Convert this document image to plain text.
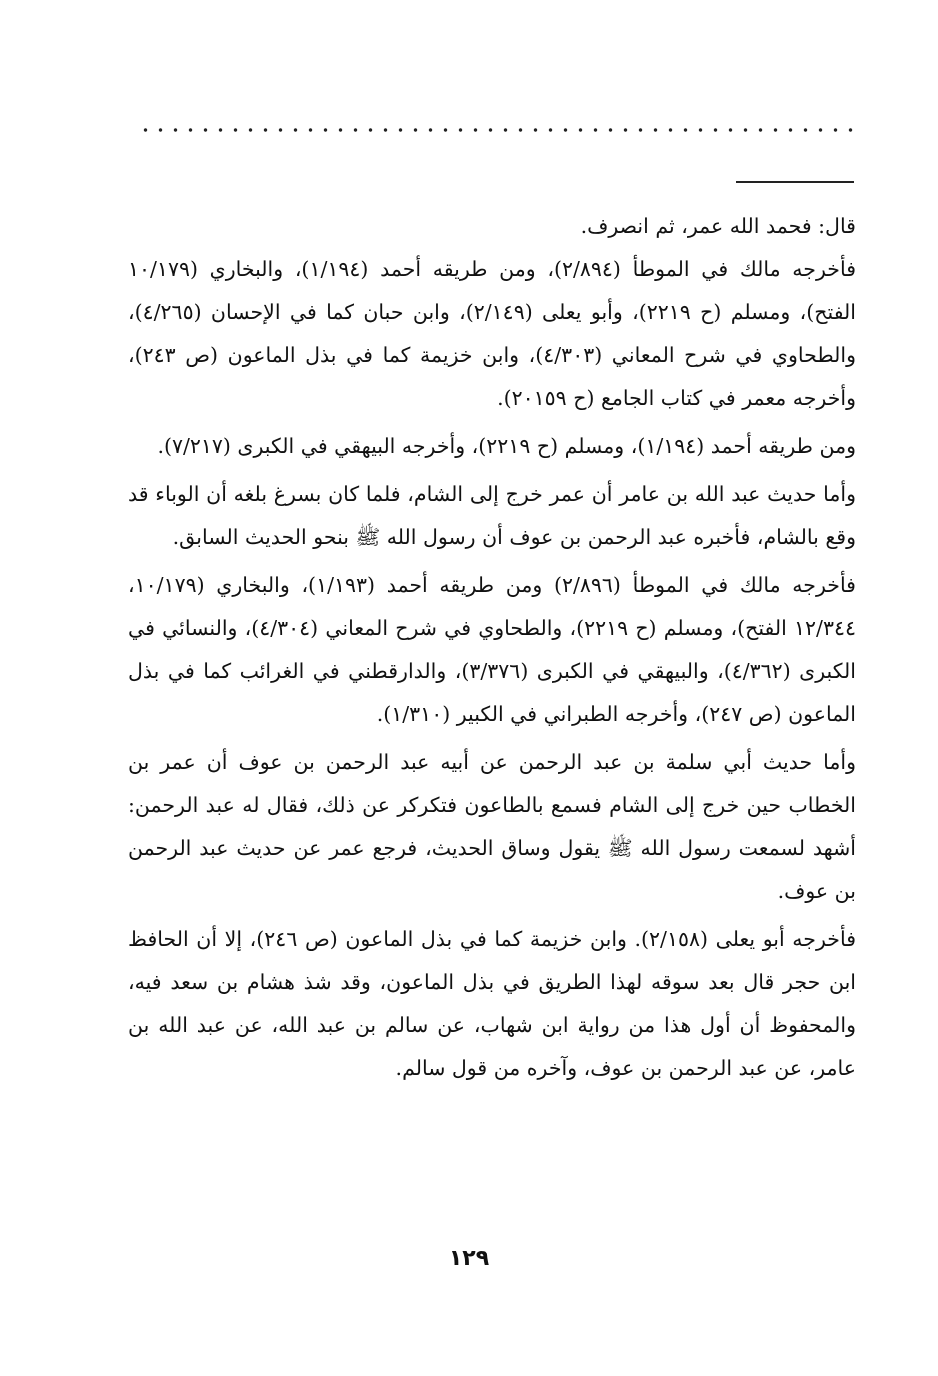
قال: فحمد الله عمر، ثم انصرف.

فأخرجه مالك في الموطأ (٢/٨٩٤)، ومن طريقه أحمد (١/١٩٤)، والبخاري (١٠/١٧٩ الفتح)، ومسلم (ح ٢٢١٩)، وأبو يعلى (٢/١٤٩)، وابن حبان كما في الإحسان (٤/٢٦٥)، والطحاوي في شرح المعاني (٤/٣٠٣)، وابن خزيمة كما في بذل الماعون (ص ٢٤٣)، وأخرجه معمر في كتاب الجامع (ح ٢٠١٥٩).

ومن طريقه أحمد (١/١٩٤)، ومسلم (ح ٢٢١٩)، وأخرجه البيهقي في الكبرى (٧/٢١٧).

وأما حديث عبد الله بن عامر أن عمر خرج إلى الشام، فلما كان بسرغ بلغه أن الوباء قد وقع بالشام، فأخبره عبد الرحمن بن عوف أن رسول الله ﷺ بنحو الحديث السابق.

فأخرجه مالك في الموطأ (٢/٨٩٦) ومن طريقه أحمد (١/١٩٣)، والبخاري (١٠/١٧٩، ١٢/٣٤٤ الفتح)، ومسلم (ح ٢٢١٩)، والطحاوي في شرح المعاني (٤/٣٠٤)، والنسائي في الكبرى (٤/٣٦٢)، والبيهقي في الكبرى (٣/٣٧٦)، والدارقطني في الغرائب كما في بذل الماعون (ص ٢٤٧)، وأخرجه الطبراني في الكبير (١/٣١٠).

وأما حديث أبي سلمة بن عبد الرحمن عن أبيه عبد الرحمن بن عوف أن عمر بن الخطاب حين خرج إلى الشام فسمع بالطاعون فتكركر عن ذلك، فقال له عبد الرحمن: أشهد لسمعت رسول الله ﷺ يقول وساق الحديث، فرجع عمر عن حديث عبد الرحمن بن عوف.

فأخرجه أبو يعلى (٢/١٥٨). وابن خزيمة كما في بذل الماعون (ص ٢٤٦)، إلا أن الحافظ ابن حجر قال بعد سوقه لهذا الطريق في بذل الماعون، وقد شذ هشام بن سعد فيه، والمحفوظ أن أول هذا من رواية ابن شهاب، عن سالم بن عبد الله، عن عبد الله بن عامر، عن عبد الرحمن بن عوف، وآخره من قول سالم.

١٢٩
